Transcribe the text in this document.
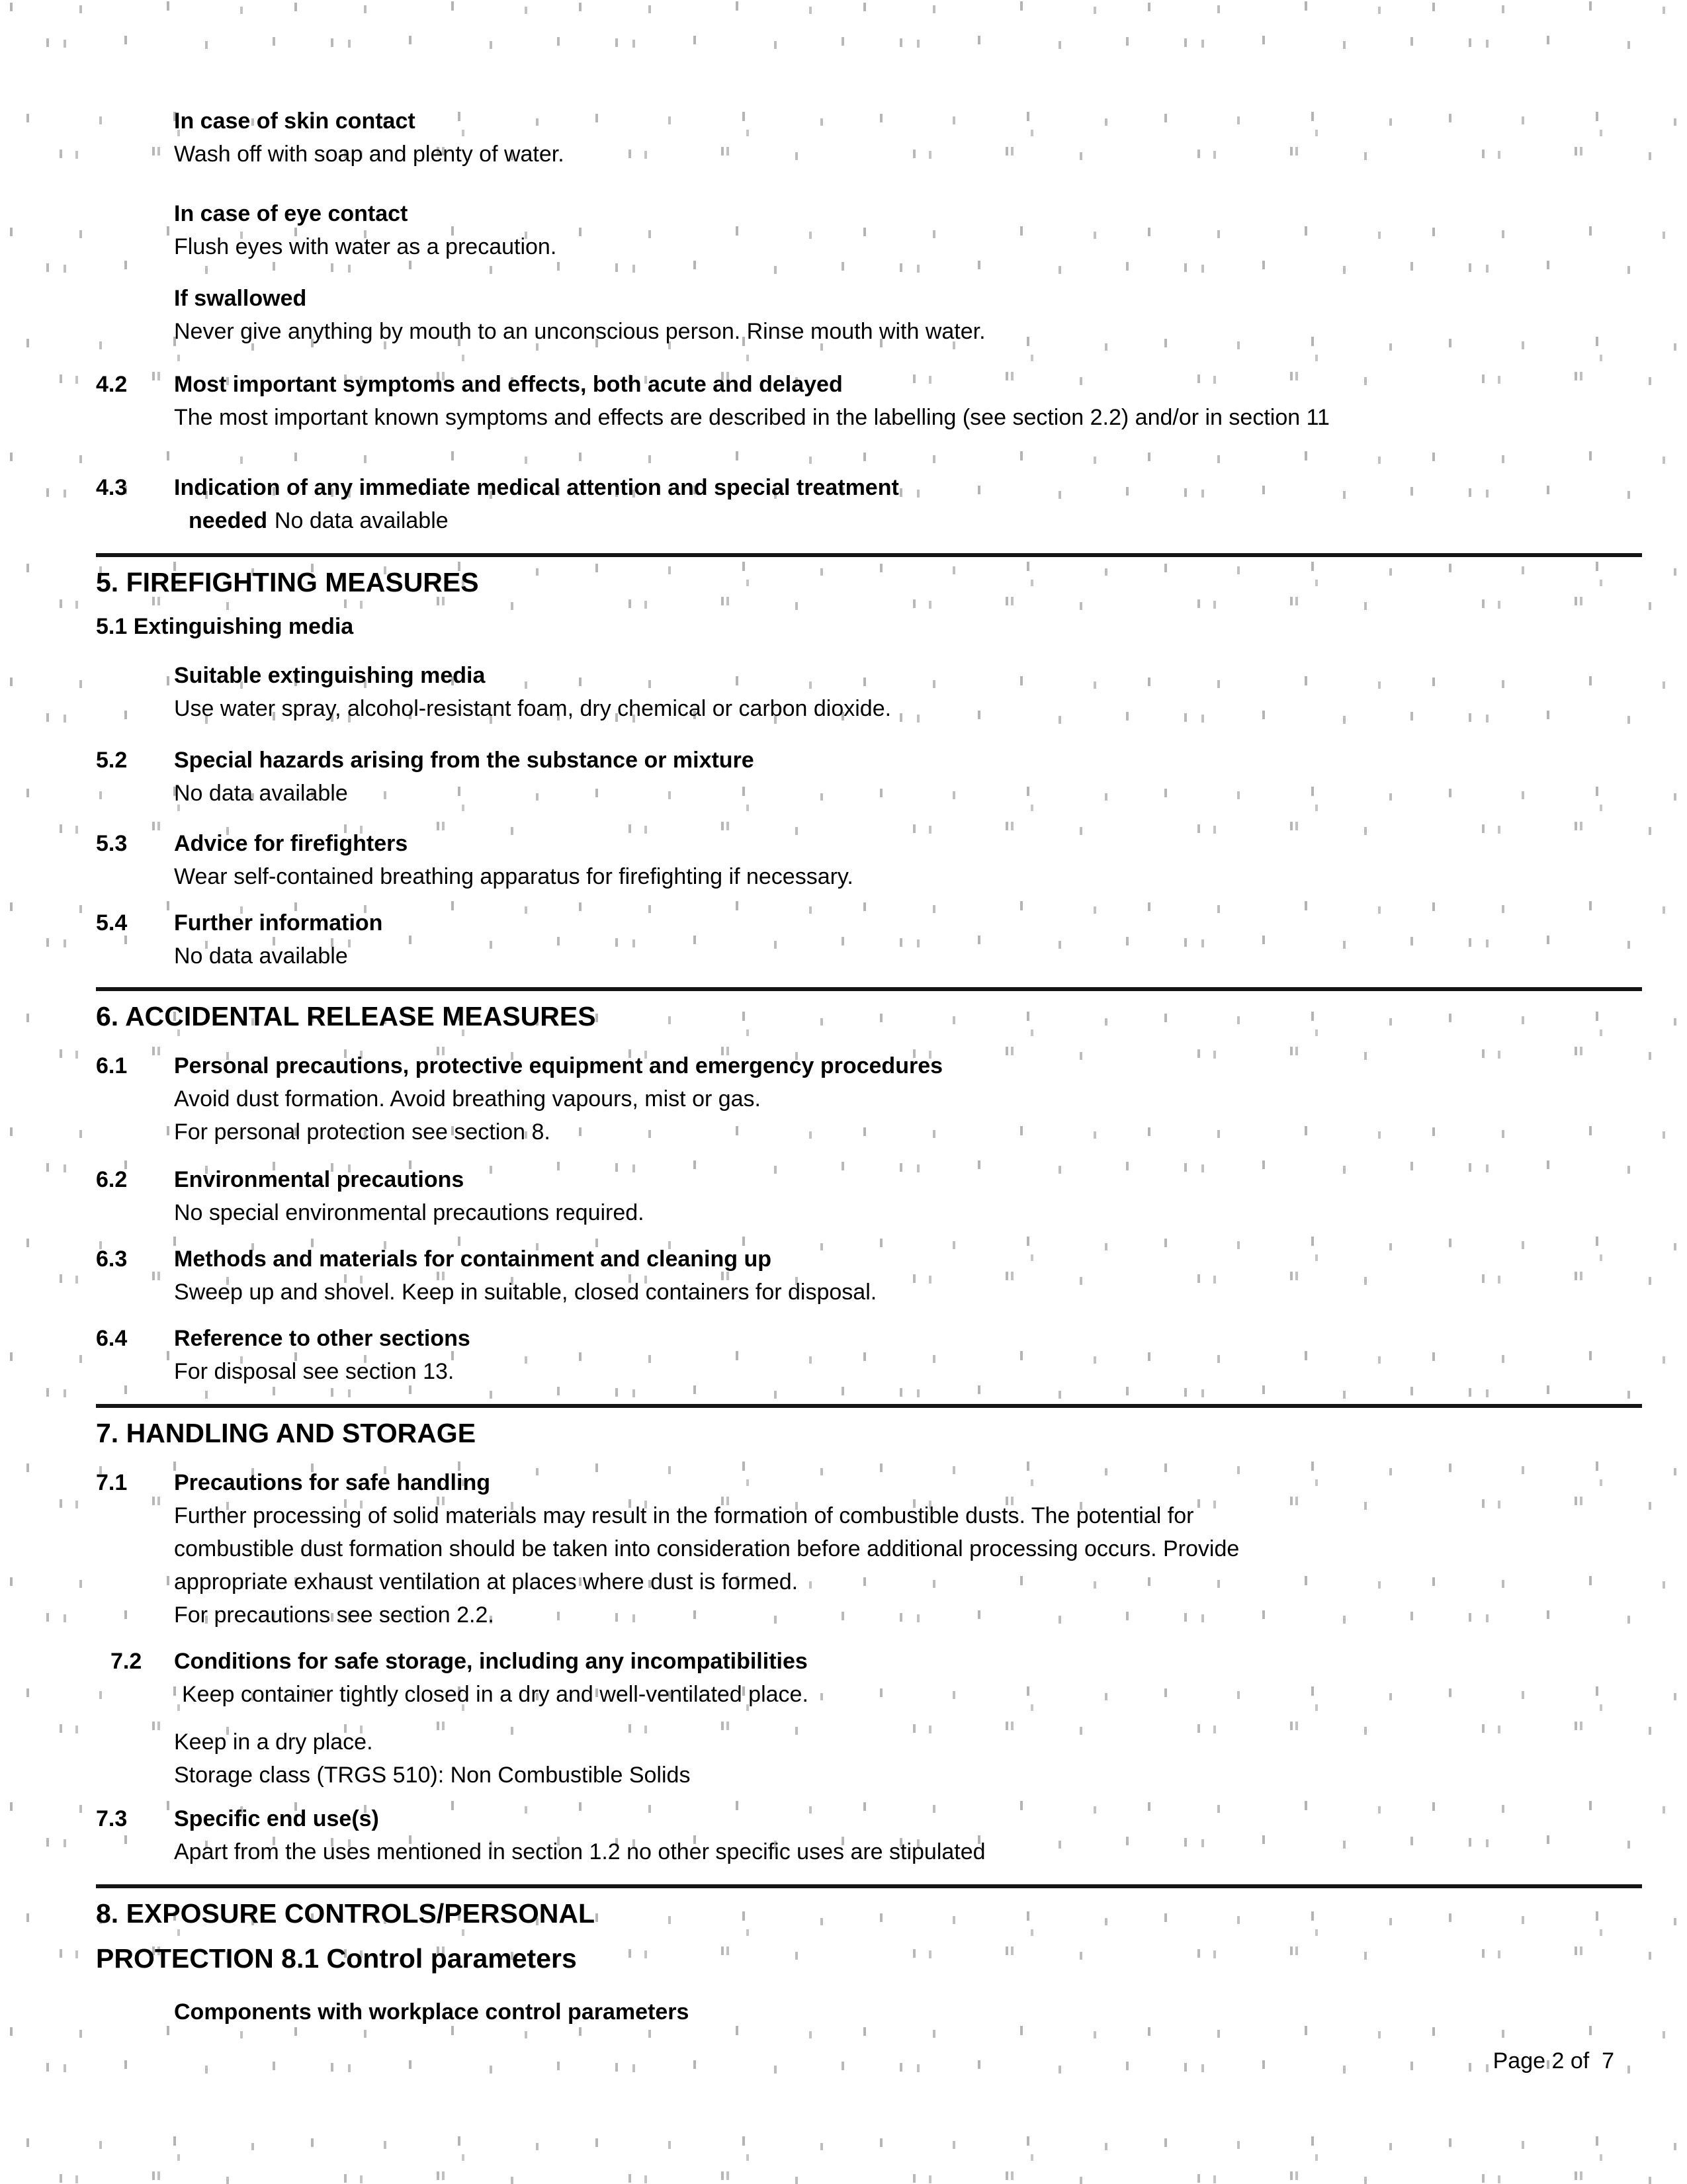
In case of skin contact
Wash off with soap and plenty of water.
In case of eye contact
Flush eyes with water as a precaution.
If swallowed
Never give anything by mouth to an unconscious person. Rinse mouth with water.
4.2	Most important symptoms and effects, both acute and delayed
The most important known symptoms and effects are described in the labelling (see section 2.2) and/or in section 11
4.3	Indication of any immediate medical attention and special treatment
needed No data available
5. FIREFIGHTING MEASURES
5.1 Extinguishing media
Suitable extinguishing media
Use water spray, alcohol-resistant foam, dry chemical or carbon dioxide.
5.2	Special hazards arising from the substance or mixture
No data available
5.3	Advice for firefighters
Wear self-contained breathing apparatus for firefighting if necessary.
5.4	Further information
No data available
6. ACCIDENTAL RELEASE MEASURES
6.1	Personal precautions, protective equipment and emergency procedures
Avoid dust formation. Avoid breathing vapours, mist or gas.
For personal protection see section 8.
6.2	Environmental precautions
No special environmental precautions required.
6.3	Methods and materials for containment and cleaning up
Sweep up and shovel. Keep in suitable, closed containers for disposal.
6.4	Reference to other sections
For disposal see section 13.
7. HANDLING AND STORAGE
7.1	Precautions for safe handling
Further processing of solid materials may result in the formation of combustible dusts. The potential for
combustible dust formation should be taken into consideration before additional processing occurs. Provide
appropriate exhaust ventilation at places where dust is formed.
For precautions see section 2.2.
7.2	Conditions for safe storage, including any incompatibilities
Keep container tightly closed in a dry and well-ventilated place.
Keep in a dry place.
Storage class (TRGS 510): Non Combustible Solids
7.3	Specific end use(s)
Apart from the uses mentioned in section 1.2 no other specific uses are stipulated
8. EXPOSURE CONTROLS/PERSONAL
PROTECTION 8.1 Control parameters
Components with workplace control parameters
Page 2 of  7
